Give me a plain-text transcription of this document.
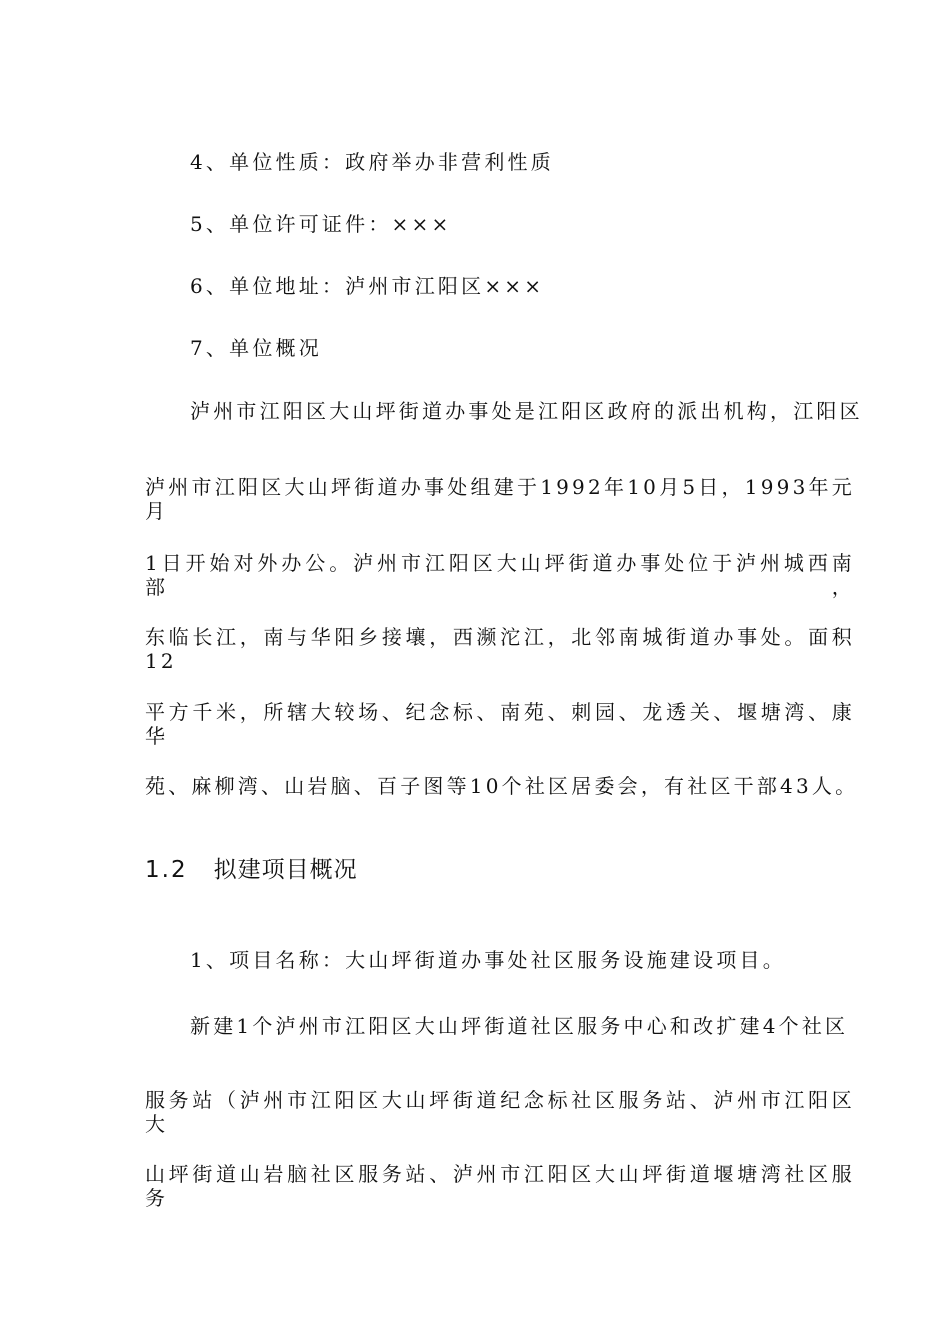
4、单位性质：政府举办非营利性质
5、单位许可证件：×××
6、单位地址：泸州市江阳区×××
7、单位概况
泸州市江阳区大山坪街道办事处是江阳区政府的派出机构，江阳区
泸州市江阳区大山坪街道办事处组建于1992年10月5日，1993年元月
1日开始对外办公。泸州市江阳区大山坪街道办事处位于泸州城西南部，
东临长江，南与华阳乡接壤，西濒沱江，北邻南城街道办事处。面积12
平方千米，所辖大较场、纪念标、南苑、刺园、龙透关、堰塘湾、康华
苑、麻柳湾、山岩脑、百子图等10个社区居委会，有社区干部43人。
1.2 拟建项目概况
1、项目名称：大山坪街道办事处社区服务设施建设项目。
新建1个泸州市江阳区大山坪街道社区服务中心和改扩建4个社区
服务站（泸州市江阳区大山坪街道纪念标社区服务站、泸州市江阳区大
山坪街道山岩脑社区服务站、泸州市江阳区大山坪街道堰塘湾社区服务
